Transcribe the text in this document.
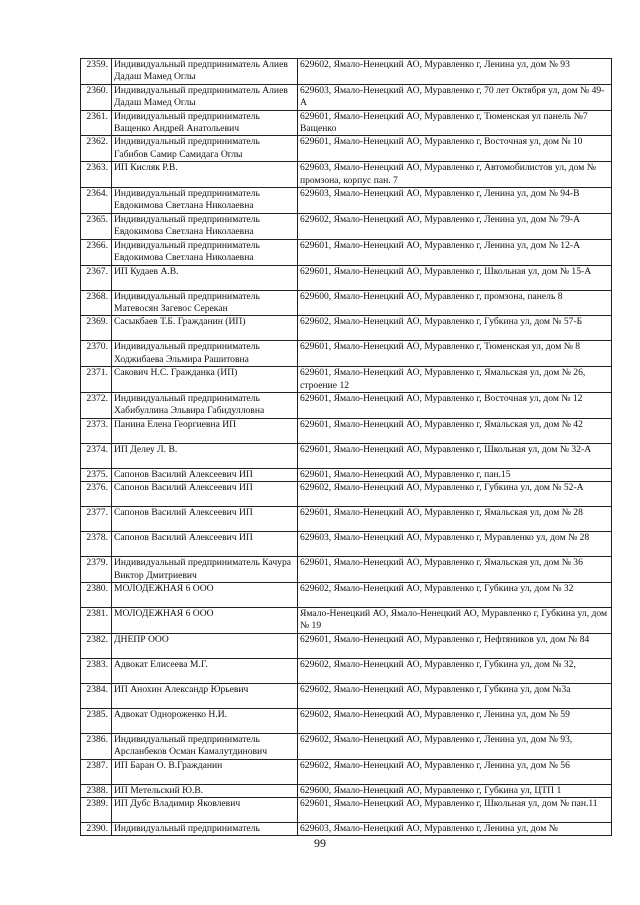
2359.	Индивидуальный предприниматель Алиев Дадаш Мамед Оглы	629602, Ямало-Ненецкий АО, Муравленко г, Ленина ул, дом № 93
2360.	Индивидуальный предприниматель Алиев Дадаш Мамед Оглы	629603, Ямало-Ненецкий АО, Муравленко г, 70 лет Октября ул, дом № 49-А
2361.	Индивидуальный предприниматель Ващенко Андрей Анатольевич	629601, Ямало-Ненецкий АО, Муравленко г, Тюменская ул панель №7 Ващенко
2362.	Индивидуальный предприниматель Габибов Самир Самидага Оглы	629601, Ямало-Ненецкий АО, Муравленко г, Восточная ул, дом № 10
2363.	ИП Кисляк Р.В.	629603, Ямало-Ненецкий АО, Муравленко г, Автомобилистов ул, дом № промзона, корпус пан. 7
2364.	Индивидуальный предприниматель Евдокимова Светлана Николаевна	629603, Ямало-Ненецкий АО, Муравленко г, Ленина ул, дом № 94-В
2365.	Индивидуальный предприниматель Евдокимова Светлана Николаевна	629602, Ямало-Ненецкий АО, Муравленко г, Ленина ул, дом № 79-А
2366.	Индивидуальный предприниматель Евдокимова Светлана Николаевна	629601, Ямало-Ненецкий АО, Муравленко г, Ленина ул, дом № 12-А
2367.	ИП Кудаев А.В.	629601, Ямало-Ненецкий АО, Муравленко г, Школьная ул, дом № 15-А
2368.	Индивидуальный предприниматель Матевосян Загевос Серекан	629600, Ямало-Ненецкий АО, Муравленко г, промзона, панель 8
2369.	Сасыкбаев Т.Б. Гражданин (ИП)	629602, Ямало-Ненецкий АО, Муравленко г, Губкина ул, дом № 57-Б
2370.	Индивидуальный предприниматель Ходжибаева Эльмира Рашитовна	629601, Ямало-Ненецкий АО, Муравленко г, Тюменская ул, дом № 8
2371.	Сакович Н.С. Гражданка (ИП)	629601, Ямало-Ненецкий АО, Муравленко г, Ямальская ул, дом № 26, строение 12
2372.	Индивидуальный предприниматель Хабибуллина Эльвира Габидулловна	629601, Ямало-Ненецкий АО, Муравленко г, Восточная ул, дом № 12
2373.	Панина Елена Георгиевна ИП	629601, Ямало-Ненецкий АО, Муравленко г, Ямальская ул, дом № 42
2374.	ИП Делеу Л. В.	629601, Ямало-Ненецкий АО, Муравленко г, Школьная ул, дом № 32-А
2375.	Сапонов Василий Алексеевич ИП	629601, Ямало-Ненецкий АО, Муравленко г, пан.15
2376.	Сапонов Василий Алексеевич ИП	629602, Ямало-Ненецкий АО, Муравленко г, Губкина ул, дом № 52-А
2377.	Сапонов Василий Алексеевич ИП	629601, Ямало-Ненецкий АО, Муравленко г, Ямальская ул, дом № 28
2378.	Сапонов Василий Алексеевич ИП	629603, Ямало-Ненецкий АО, Муравленко г, Муравленко ул, дом № 28
2379.	Индивидуальный предприниматель Качура Виктор Дмитриевич	629601, Ямало-Ненецкий АО, Муравленко г, Ямальская ул, дом № 36
2380.	МОЛОДЕЖНАЯ 6 ООО	629602, Ямало-Ненецкий АО, Муравленко г, Губкина ул, дом № 32
2381.	МОЛОДЕЖНАЯ 6 ООО	Ямало-Ненецкий АО, Ямало-Ненецкий АО, Муравленко г, Губкина ул, дом № 19
2382.	ДНЕПР ООО	629601, Ямало-Ненецкий АО, Муравленко г, Нефтяников ул, дом № 84
2383.	Адвокат Елисеева М.Г.	629602, Ямало-Ненецкий АО, Муравленко г, Губкина ул, дом № 32,
2384.	ИП Анохин Александр Юрьевич	629602, Ямало-Ненецкий АО, Муравленко г, Губкина ул, дом №3а
2385.	Адвокат Однороженко Н.И.	629602, Ямало-Ненецкий АО, Муравленко г, Ленина ул, дом № 59
2386.	Индивидуальный предприниматель Арсланбеков Осман Камалутдинович	629602, Ямало-Ненецкий АО, Муравленко г, Ленина ул, дом № 93,
2387.	ИП Баран О. В.Гражданин	629602, Ямало-Ненецкий АО, Муравленко г, Ленина ул, дом № 56
2388.	ИП Метельский Ю.В.	629600, Ямало-Ненецкий АО, Муравленко г, Губкина ул, ЦТП 1
2389.	ИП Дубс Владимир Яковлевич	629601, Ямало-Ненецкий АО, Муравленко г, Школьная ул, дом № пан.11
2390.	Индивидуальный предприниматель	629603, Ямало-Ненецкий АО, Муравленко г, Ленина ул, дом №
99
